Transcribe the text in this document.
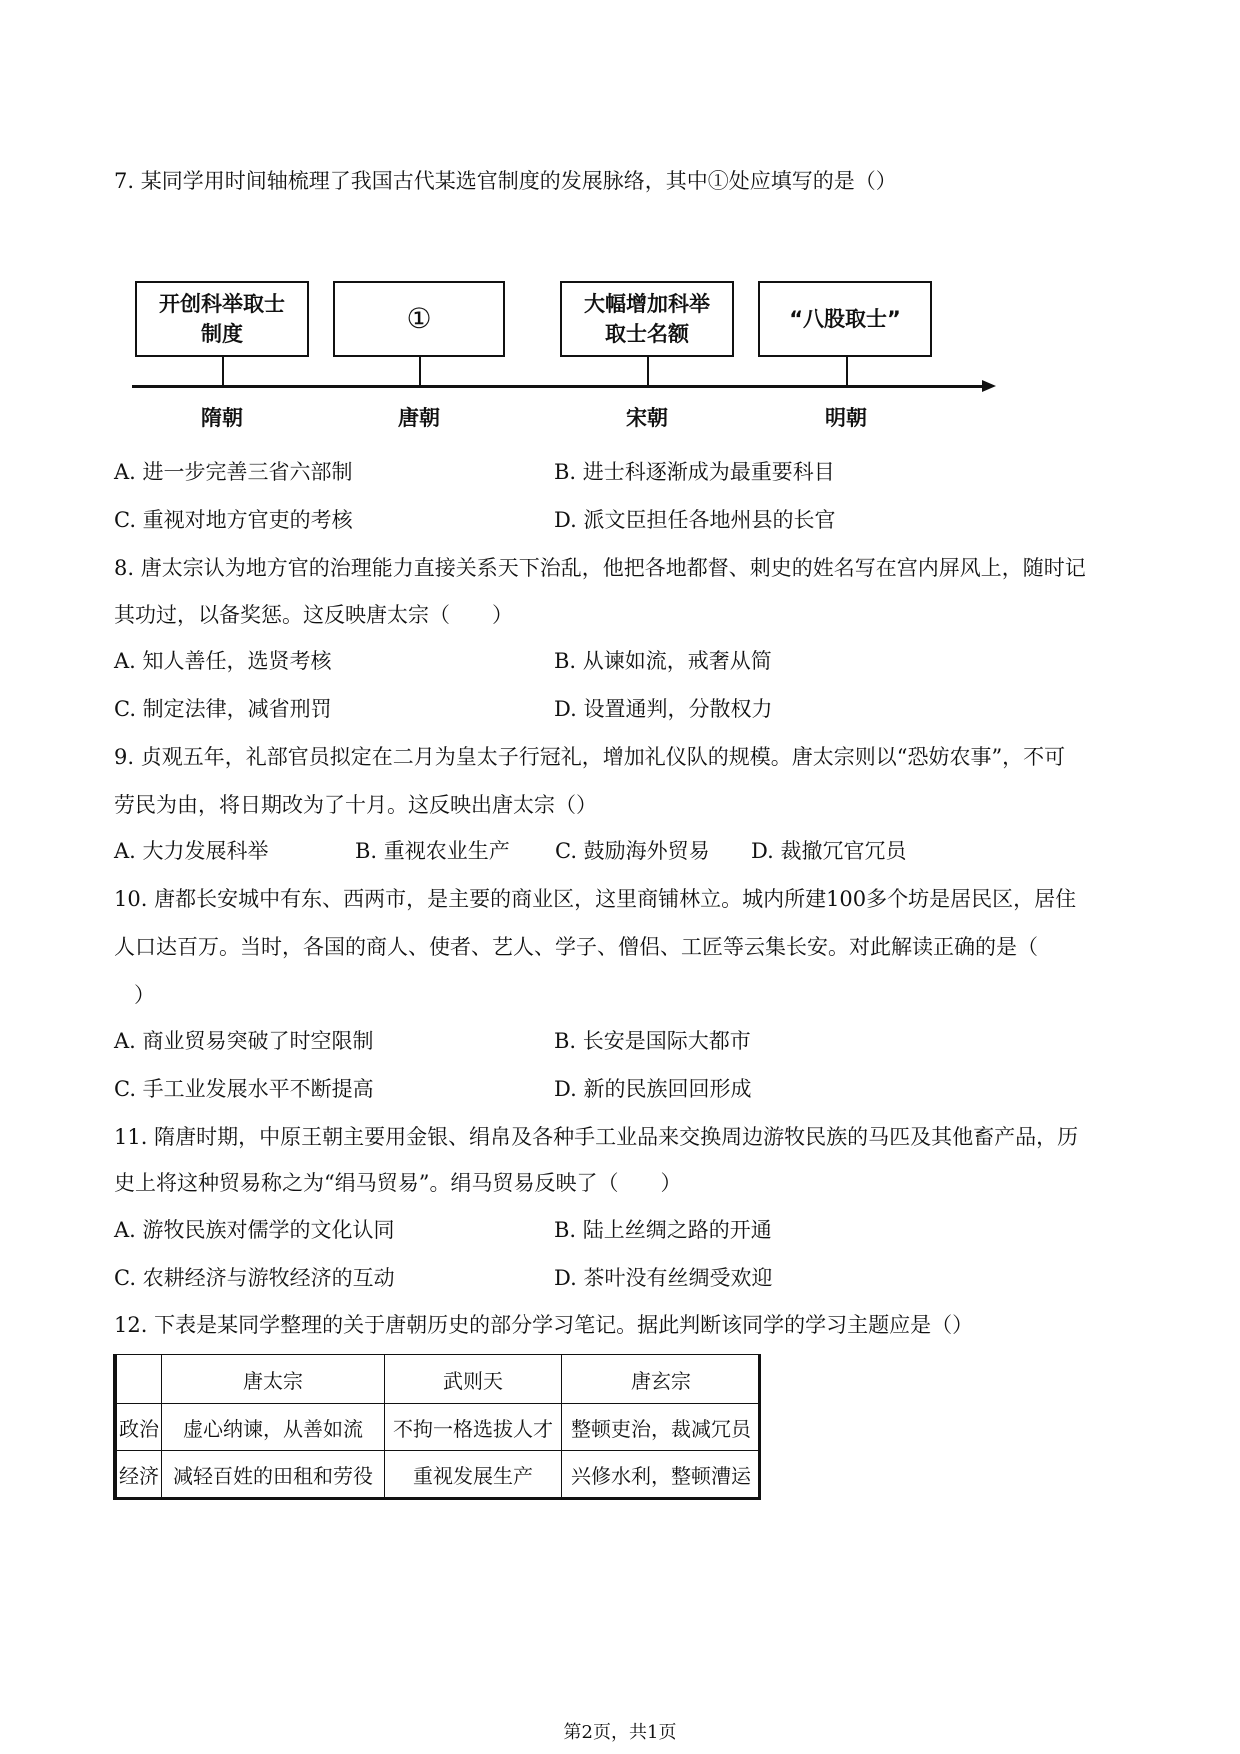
7. 某同学用时间轴梳理了我国古代某选官制度的发展脉络，其中①处应填写的是（）
开创科举取士
制度	①	大幅增加科举
取士名额
“八股取士”
隋朝	唐朝	宋朝	明朝
A. 进一步完善三省六部制	B. 进士科逐渐成为最重要科目
C. 重视对地方官吏的考核	D. 派文臣担任各地州县的长官
8. 唐太宗认为地方官的治理能力直接关系天下治乱，他把各地都督、刺史的姓名写在宫内屏风上，随时记
其功过，以备奖惩。这反映唐太宗（　　）
A. 知人善任，选贤考核	B. 从谏如流，戒奢从简
C. 制定法律，减省刑罚	D. 设置通判，分散权力
9. 贞观五年，礼部官员拟定在二月为皇太子行冠礼，增加礼仪队的规模。唐太宗则以“恐妨农事”，不可
劳民为由，将日期改为了十月。这反映出唐太宗（）
A. 大力发展科举	B. 重视农业生产 C. 鼓励海外贸易 D. 裁撤冗官冗员
10. 唐都长安城中有东、西两市，是主要的商业区，这里商铺林立。城内所建100多个坊是居民区，居住
人口达百万。当时，各国的商人、使者、艺人、学子、僧侣、工匠等云集长安。对此解读正确的是（
）
A. 商业贸易突破了时空限制	B. 长安是国际大都市
C. 手工业发展水平不断提高	D. 新的民族回回形成
11. 隋唐时期，中原王朝主要用金银、绢帛及各种手工业品来交换周边游牧民族的马匹及其他畜产品，历
史上将这种贸易称之为“绢马贸易”。绢马贸易反映了（　　）
A. 游牧民族对儒学的文化认同	B. 陆上丝绸之路的开通
C. 农耕经济与游牧经济的互动	D. 茶叶没有丝绸受欢迎
12. 下表是某同学整理的关于唐朝历史的部分学习笔记。据此判断该同学的学习主题应是（）
	唐太宗	武则天	唐玄宗
政治	虚心纳谏，从善如流	不拘一格选拔人才	整顿吏治，裁减冗员
经济	减轻百姓的田租和劳役	重视发展生产	兴修水利，整顿漕运
第2页，共1页
